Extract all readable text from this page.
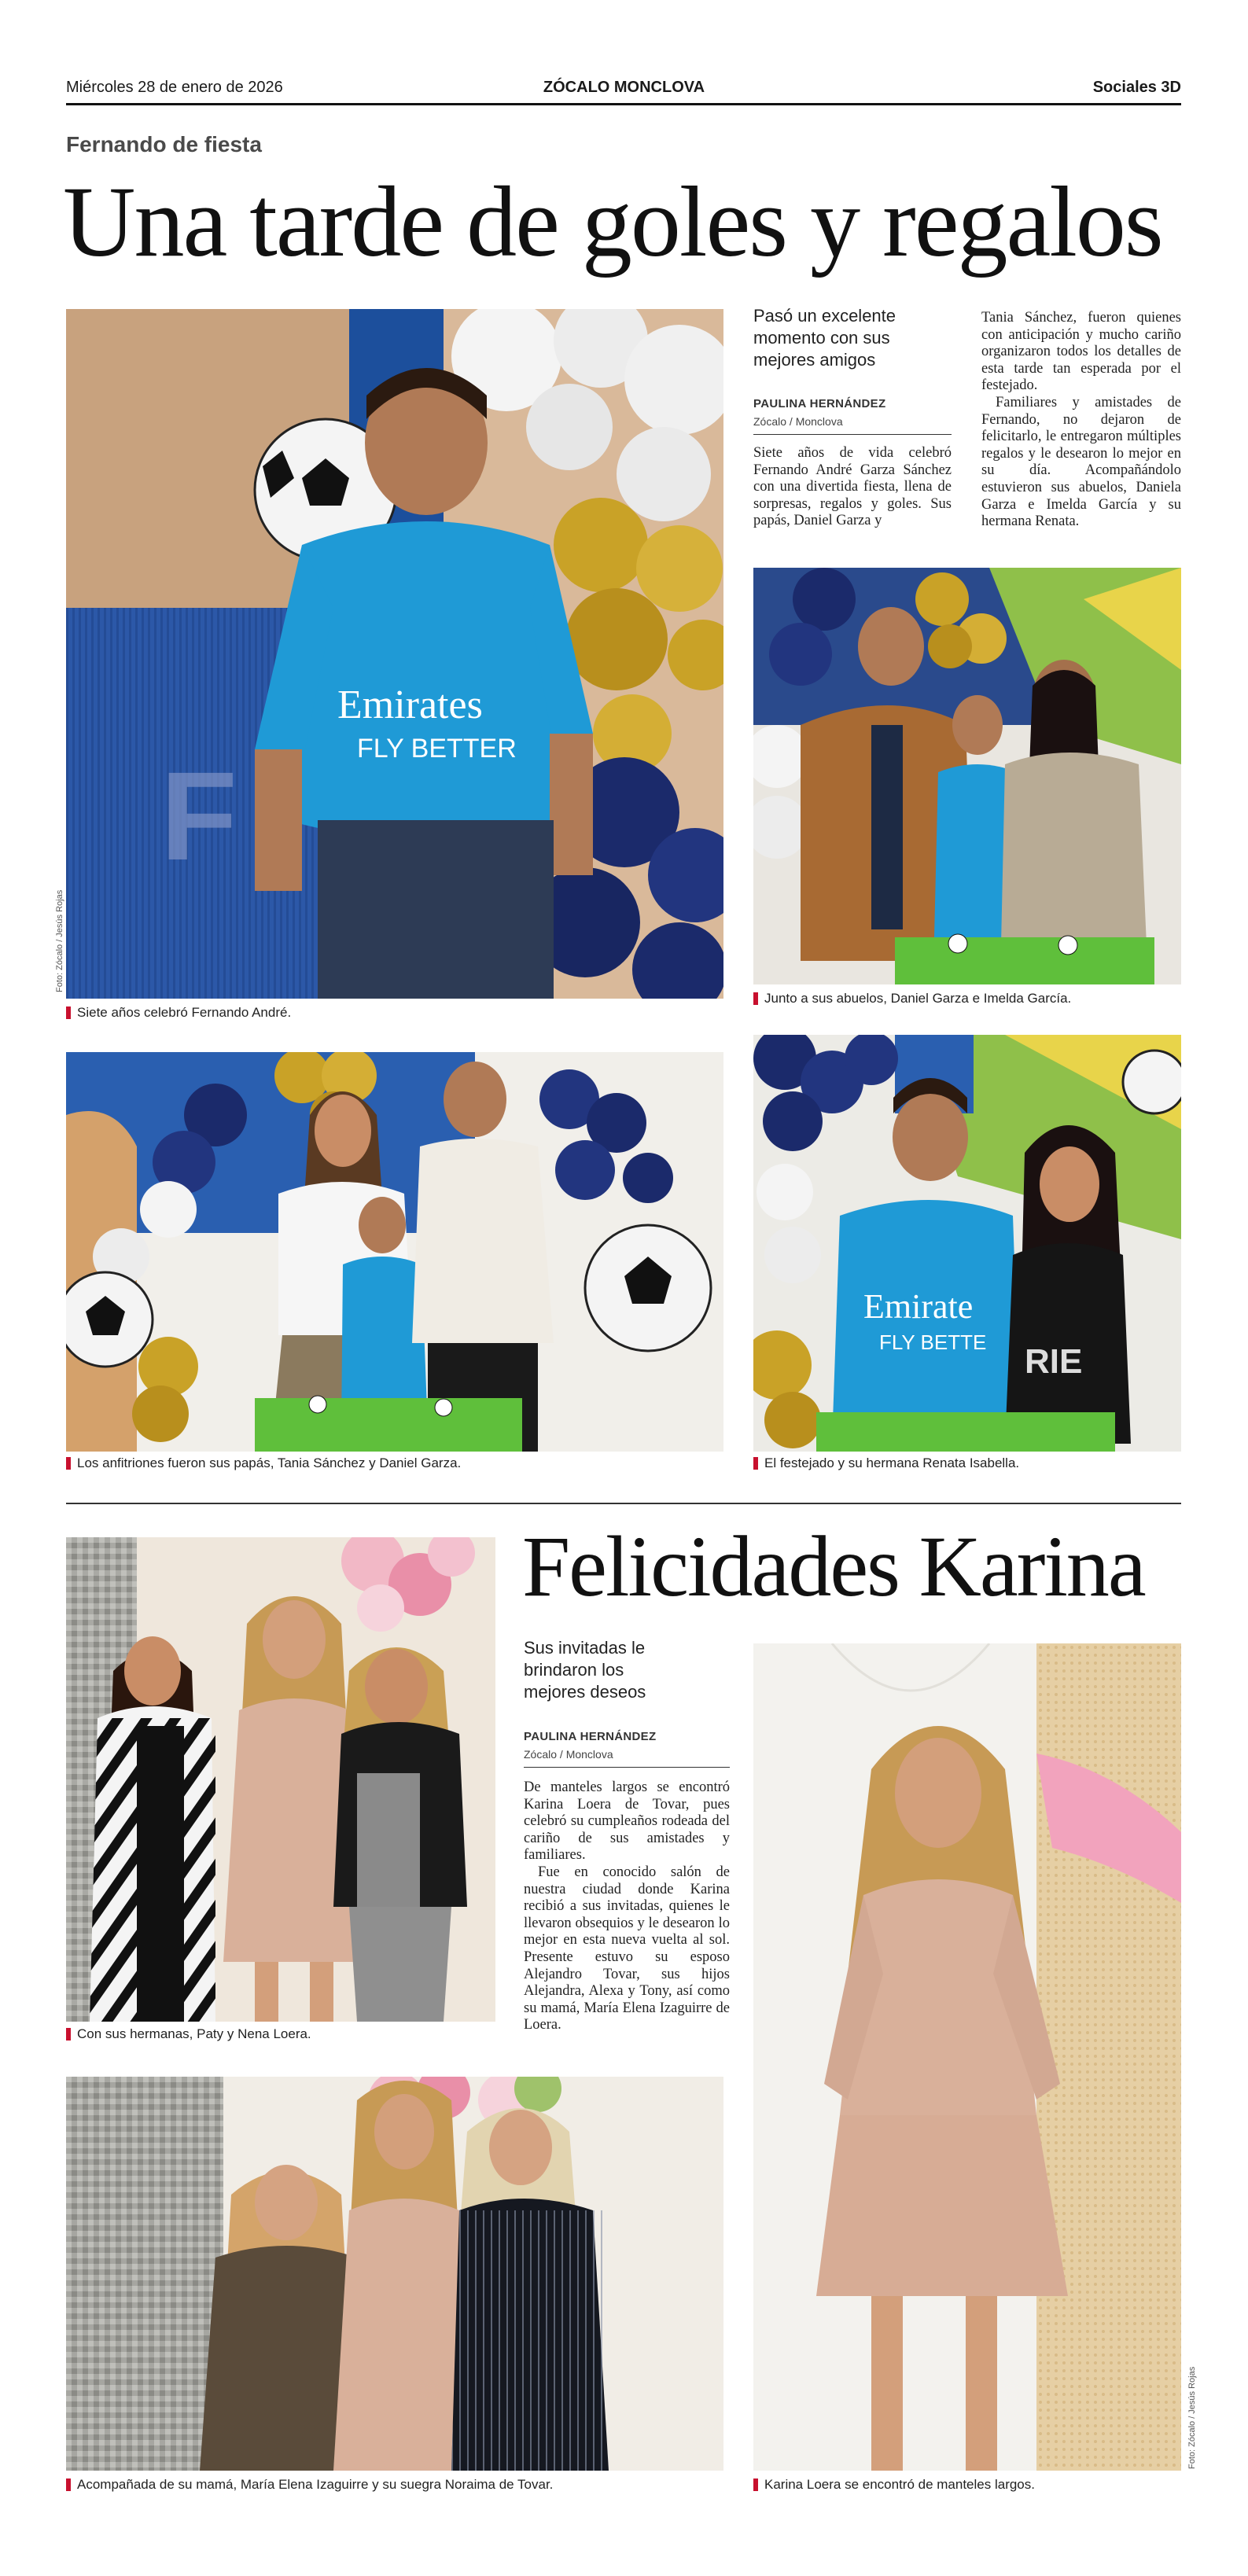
Miércoles 28 de enero de 2026	ZÓCALO MONCLOVA	Sociales 3D
Fernando de fiesta
Una tarde de goles y regalos
F
Emirates
FLY BETTER
Foto: Zócalo / Jesús Rojas
Siete años celebró Fernando André.
Pasó un excelente momento con sus mejores amigos
PAULINA HERNÁNDEZ
Zócalo / Monclova

Siete años de vida celebró Fernando André Garza Sánchez con una divertida fiesta, llena de sorpresas, regalos y goles. Sus papás, Daniel Garza y

Tania Sánchez, fueron quienes con anticipación y mucho cariño organizaron todos los detalles de esta tarde tan esperada por el festejado.

Familiares y amistades de Fernando, no dejaron de felicitarlo, le entregaron múltiples regalos y le desearon lo mejor en su día. Acompañándolo estuvieron sus abuelos, Daniela Garza e Imelda García y su hermana Renata.

Junto a sus abuelos, Daniel Garza e Imelda García.
Los anfitriones fueron sus papás, Tania Sánchez y Daniel Garza.
Emirate
FLY BETTE RIE
El festejado y su hermana Renata Isabella.
Felicidades Karina
Con sus hermanas, Paty y Nena Loera.
Sus invitadas le brindaron los mejores deseos
PAULINA HERNÁNDEZ
Zócalo / Monclova

De manteles largos se encontró Karina Loera de Tovar, pues celebró su cumpleaños rodeada del cariño de sus amistades y familiares.

Fue en conocido salón de nuestra ciudad donde Karina recibió a sus invitadas, quienes le llevaron obsequios y le desearon lo mejor en esta nueva vuelta al sol. Presente estuvo su esposo Alejandro Tovar, sus hijos Alejandra, Alexa y Tony, así como su mamá, María Elena Izaguirre de Loera.

Foto: Zócalo / Jesús Rojas
Karina Loera se encontró de manteles largos.
Acompañada de su mamá, María Elena Izaguirre y su suegra Noraima de Tovar.
